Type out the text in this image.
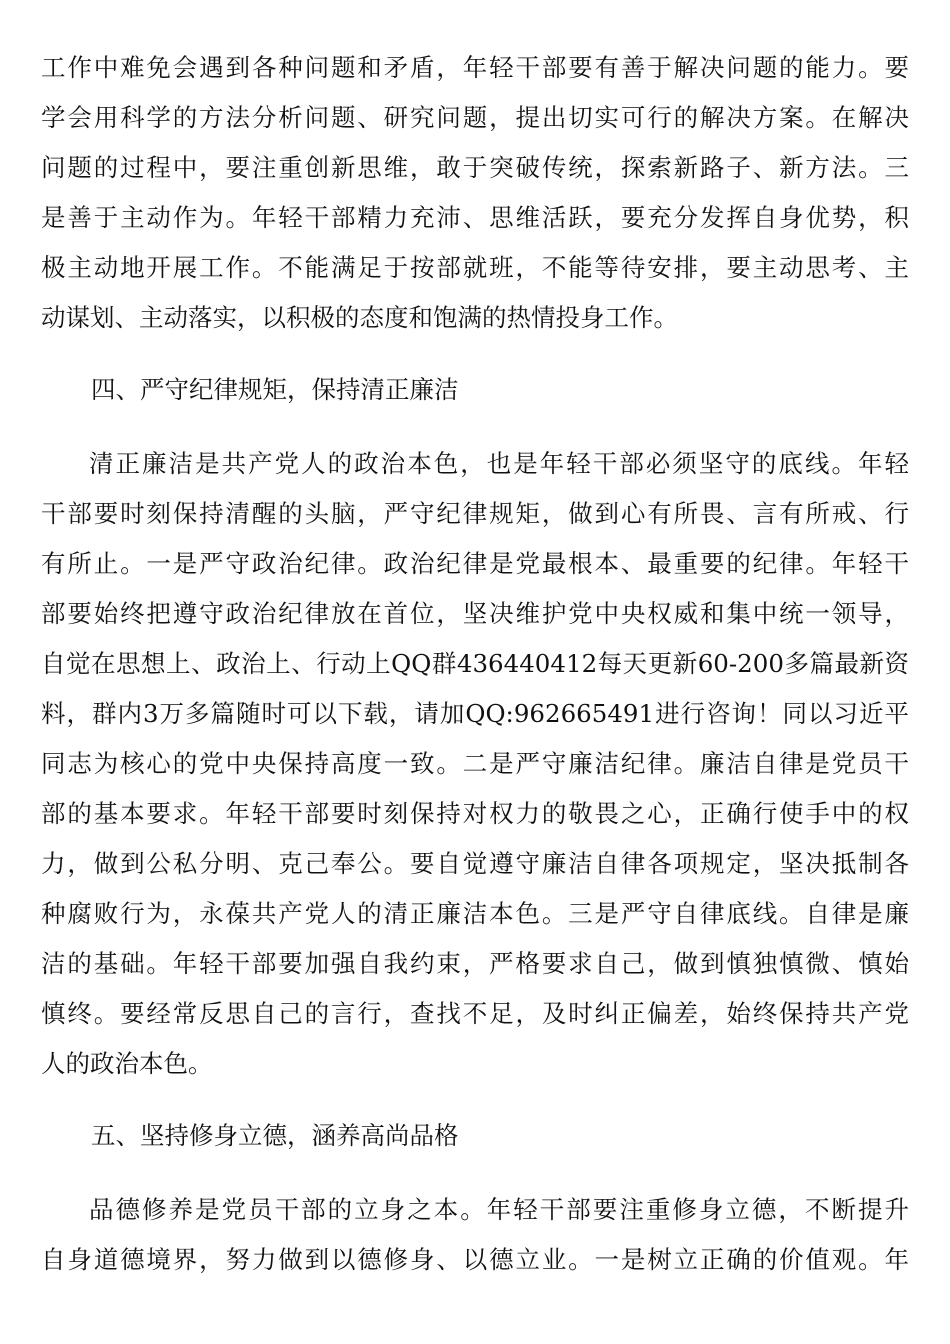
工作中难免会遇到各种问题和矛盾，年轻干部要有善于解决问题的能力。要
学会用科学的方法分析问题、研究问题，提出切实可行的解决方案。在解决
问题的过程中，要注重创新思维，敢于突破传统，探索新路子、新方法。三
是善于主动作为。年轻干部精力充沛、思维活跃，要充分发挥自身优势，积
极主动地开展工作。不能满足于按部就班，不能等待安排，要主动思考、主
动谋划、主动落实，以积极的态度和饱满的热情投身工作。
四、严守纪律规矩，保持清正廉洁
清正廉洁是共产党人的政治本色，也是年轻干部必须坚守的底线。年轻
干部要时刻保持清醒的头脑，严守纪律规矩，做到心有所畏、言有所戒、行
有所止。一是严守政治纪律。政治纪律是党最根本、最重要的纪律。年轻干
部要始终把遵守政治纪律放在首位，坚决维护党中央权威和集中统一领导，
自觉在思想上、政治上、行动上QQ群436440412每天更新60-200多篇最新资
料，群内3万多篇随时可以下载，请加QQ:962665491进行咨询！同以习近平
同志为核心的党中央保持高度一致。二是严守廉洁纪律。廉洁自律是党员干
部的基本要求。年轻干部要时刻保持对权力的敬畏之心，正确行使手中的权
力，做到公私分明、克己奉公。要自觉遵守廉洁自律各项规定，坚决抵制各
种腐败行为，永葆共产党人的清正廉洁本色。三是严守自律底线。自律是廉
洁的基础。年轻干部要加强自我约束，严格要求自己，做到慎独慎微、慎始
慎终。要经常反思自己的言行，查找不足，及时纠正偏差，始终保持共产党
人的政治本色。
五、坚持修身立德，涵养高尚品格
品德修养是党员干部的立身之本。年轻干部要注重修身立德，不断提升
自身道德境界，努力做到以德修身、以德立业。一是树立正确的价值观。年
